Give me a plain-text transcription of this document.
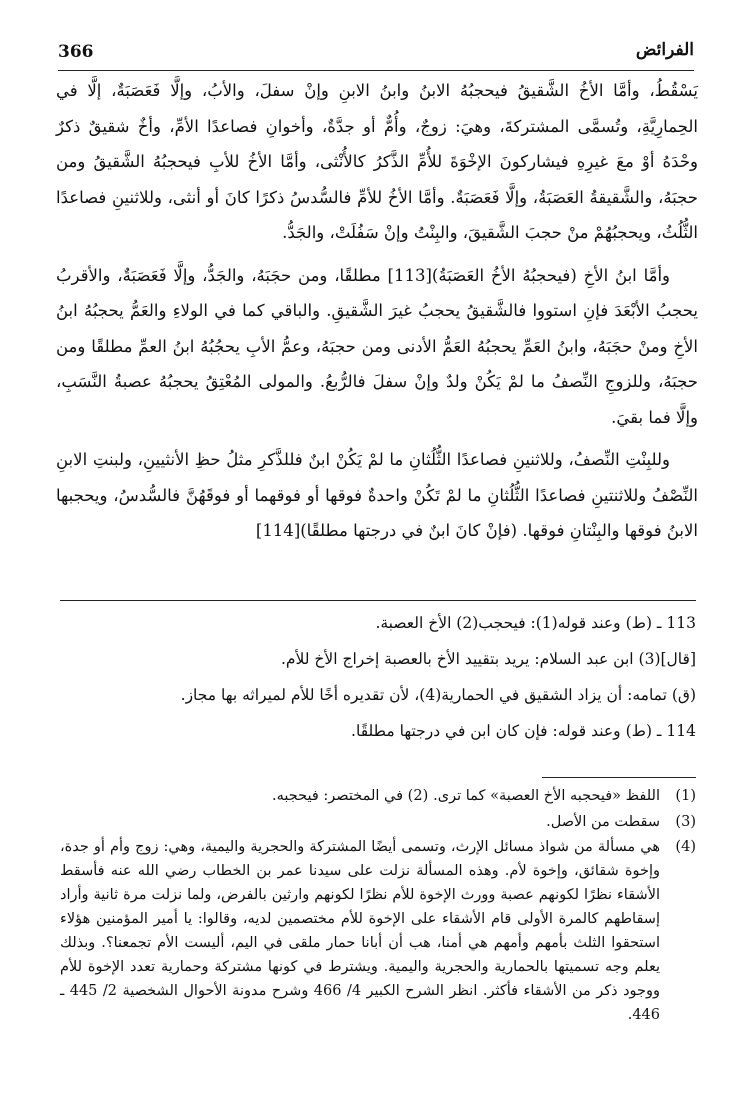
366	الفرائض

يَسْقُطُ، وأمَّا الأخُ الشَّقيقُ فيحجبُهُ الابنُ وابنُ الابنِ وإنْ سفلَ، والأبُ، وإلَّا فَعَصَبَةٌ، إلَّا في الحِمارِيَّةِ، وتُسمَّى المشتركةَ، وهيَ: زوجٌ، وأُمٌّ أو جدَّةٌ، وأخوانِ فصاعدًا الأمِّ، وأخٌ شقيقٌ ذكرٌ وحْدَهُ أوْ معَ غيرِهِ فيشاركونَ الإخْوَةَ للأُمِّ الذَّكرُ كالأُنْثى، وأمَّا الأخُ للأبِ فيحجبُهُ الشَّقيقُ ومن حجبَهُ، والشَّقيقةُ العَصَبَةُ، وإلَّا فَعَصَبَةٌ. وأمَّا الأخُ للأمِّ فالسُّدسُ ذكرًا كانَ أو أنثى، وللاثنينِ فصاعدًا الثُّلُثُ، ويحجبُهُمْ منْ حجبَ الشَّقيقَ، والبِنْتُ وإنْ سَفُلَتْ، والجَدُّ.

وأمَّا ابنُ الأخِ (فيحجبُهُ الأخُ العَصَبَةُ)[113] مطلقًا، ومن حجَبَهُ، والجَدُّ، وإلَّا فَعَصَبَةٌ، والأقربُ يحجبُ الأبْعَدَ فإنِ استووا فالشَّقيقُ يحجبُ غيرَ الشَّقيقِ. والباقي كما في الولاءِ والعَمُّ يحجبُهُ ابنُ الأخِ ومنْ حجَبَهُ، وابنُ العَمِّ يحجبُهُ العَمُّ الأدنى ومن حجبَهُ، وعمُّ الأبِ يحجُبُهُ ابنُ العمِّ مطلقًا ومن حجبَهُ، وللزوجِ النِّصفُ ما لمْ يَكُنْ ولدٌ وإنْ سفلَ فالرُّبعُ. والمولى المُعْتِقُ يحجبُهُ عصبةُ النَّسَبِ، وإلَّا فما بقيَ.

وللبِنْتِ النِّصفُ، وللاثنينِ فصاعدًا الثُّلُثانِ ما لمْ يَكُنْ ابنٌ فللذَّكرِ مثلُ حظِ الأنثيينِ، ولبنتِ الابنِ النِّصْفُ وللاثنتينِ فصاعدًا الثُّلُثانِ ما لمْ تَكُنْ واحدةٌ فوقها أو فوقهما أو فوقَهُنَّ فالسُّدسُ، ويحجبها الابنُ فوقها والبِنْتانِ فوقها. (فإنْ كانَ ابنٌ في درجتها مطلقًا)[114]

113 ـ (ط) وعند قوله(1): فيحجب(2) الأخ العصبة.

[قال](3) ابن عبد السلام: يريد بتقييد الأخ بالعصبة إخراج الأخ للأم.

(ق) تمامه: أن يزاد الشقيق في الحمارية(4)، لأن تقديره أخًا للأم لميراثه بها مجاز.

114 ـ (ط) وعند قوله: فإن كان ابن في درجتها مطلقًا.

(1)
اللفظ «فيحجبه الأخ العصبة» كما ترى.
(2) في المختصر: فيحجبه.
(3)
سقطت من الأصل.
(4)
هي مسألة من شواذ مسائل الإرث، وتسمى أيضًا المشتركة والحجرية واليمية، وهي: زوج وأم أو جدة، وإخوة شقائق، وإخوة لأم. وهذه المسألة نزلت على سيدنا عمر بن الخطاب رضي الله عنه فأسقط الأشقاء نظرًا لكونهم عصبة وورث الإخوة للأم نظرًا لكونهم وارثين بالفرض، ولما نزلت مرة ثانية وأراد إسقاطهم كالمرة الأولى قام الأشقاء على الإخوة للأم مختصمين لديه، وقالوا: يا أمير المؤمنين هؤلاء استحقوا الثلث بأمهم وأمهم هي أمنا، هب أن أبانا حمار ملقى في اليم، أليست الأم تجمعنا؟. وبذلك يعلم وجه تسميتها بالحمارية والحجرية واليمية. ويشترط في كونها مشتركة وحمارية تعدد الإخوة للأم ووجود ذكر من الأشقاء فأكثر. انظر الشرح الكبير 4/ 466 وشرح مدونة الأحوال الشخصية 2/ 445 ـ 446.
